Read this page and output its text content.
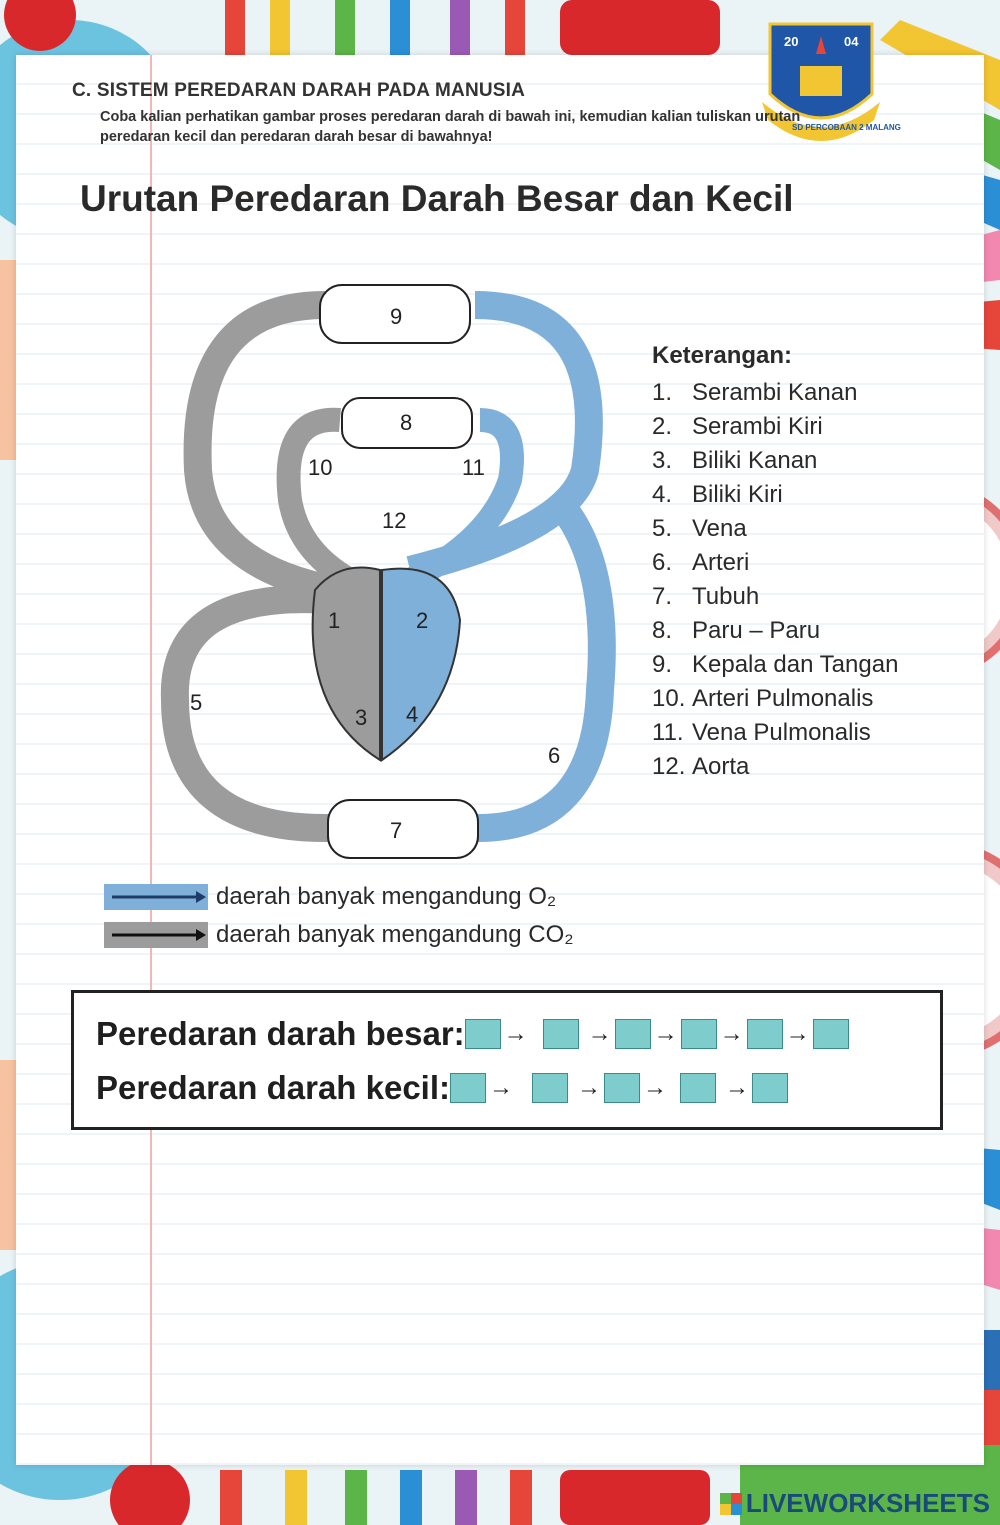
20	04
SD PERCOBAAN 2 MALANG
C. SISTEM PEREDARAN DARAH PADA MANUSIA
Coba kalian perhatikan gambar proses peredaran darah di bawah ini, kemudian kalian tuliskan urutan peredaran kecil dan peredaran darah besar di bawahnya!
Urutan Peredaran Darah Besar dan Kecil
9
8
10	11
12
1	2
3 4
5
6
7
Keterangan:
1. Serambi Kanan
2. Serambi Kiri
3. Biliki Kanan
4. Biliki Kiri
5. Vena
6. Arteri
7. Tubuh
8. Paru – Paru
9. Kepala dan Tangan
10. Arteri Pulmonalis
11. Vena Pulmonalis
12. Aorta
daerah banyak mengandung O₂
daerah banyak mengandung CO₂
Peredaran darah besar: →	→ → → →
Peredaran darah kecil: →	→ → →
LIVEWORKSHEETS
